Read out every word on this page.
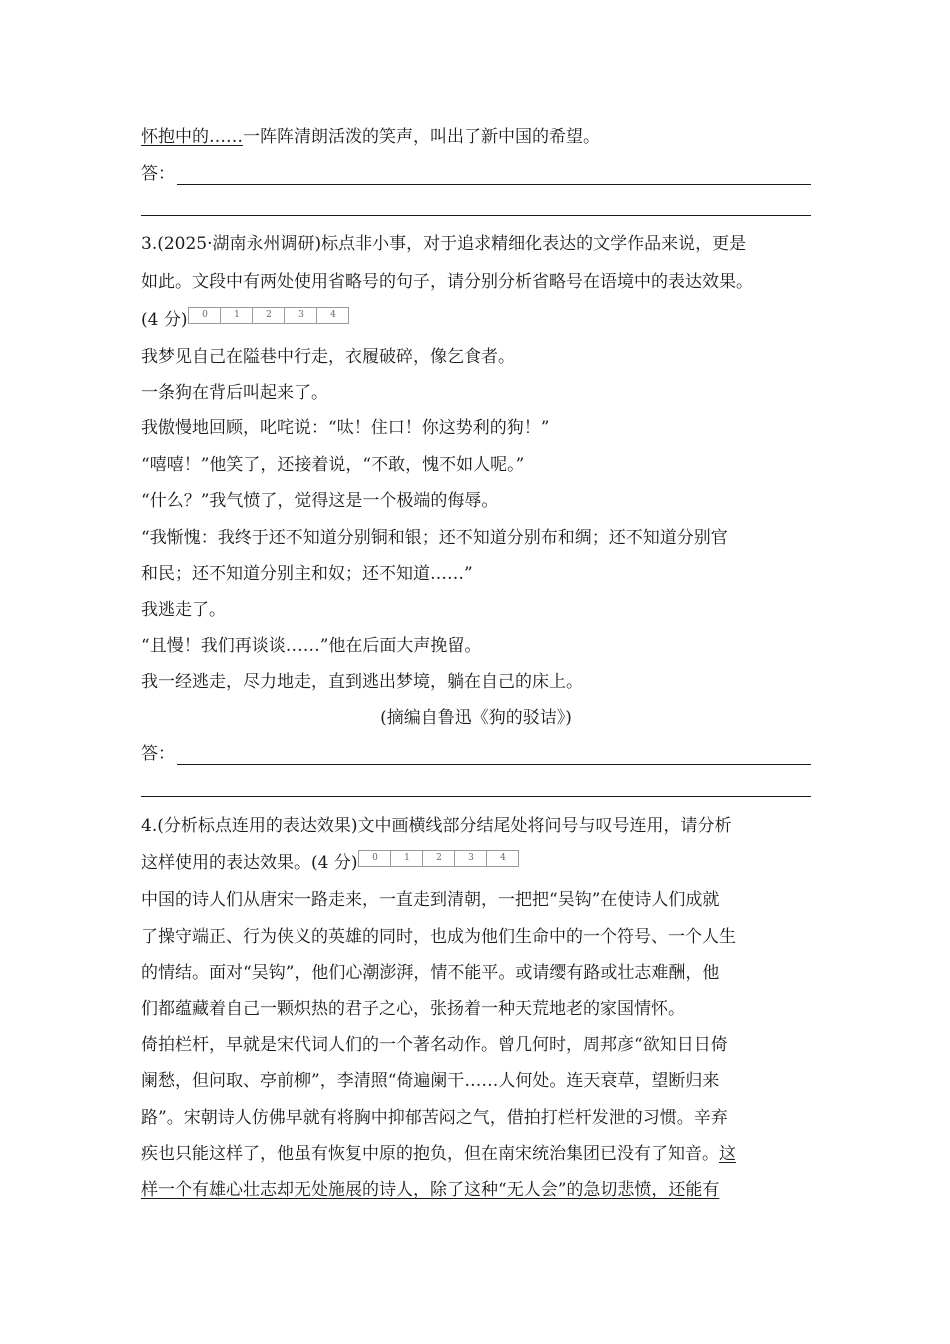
怀抱中的……一阵阵清朗活泼的笑声，叫出了新中国的希望。

答：

3.(2025·湖南永州调研)标点非小事，对于追求精细化表达的文学作品来说，更是

如此。文段中有两处使用省略号的句子，请分别分析省略号在语境中的表达效果。

(4 分)	0	1	2	3	4

我梦见自己在隘巷中行走，衣履破碎，像乞食者。

一条狗在背后叫起来了。

我傲慢地回顾，叱咤说：“呔！住口！你这势利的狗！”

“嘻嘻！”他笑了，还接着说，“不敢，愧不如人呢。”

“什么？”我气愤了，觉得这是一个极端的侮辱。

“我惭愧：我终于还不知道分别铜和银；还不知道分别布和绸；还不知道分别官

和民；还不知道分别主和奴；还不知道……”

我逃走了。

“且慢！我们再谈谈……”他在后面大声挽留。

我一经逃走，尽力地走，直到逃出梦境，躺在自己的床上。

(摘编自鲁迅《狗的驳诘》)

答：

4.(分析标点连用的表达效果)文中画横线部分结尾处将问号与叹号连用，请分析

这样使用的表达效果。(4 分)	0	1	2	3	4

中国的诗人们从唐宋一路走来，一直走到清朝，一把把“吴钩”在使诗人们成就

了操守端正、行为侠义的英雄的同时，也成为他们生命中的一个符号、一个人生

的情结。面对“吴钩”，他们心潮澎湃，情不能平。或请缨有路或壮志难酬，他

们都蕴藏着自己一颗炽热的君子之心，张扬着一种天荒地老的家国情怀。

倚拍栏杆，早就是宋代词人们的一个著名动作。曾几何时，周邦彦“欲知日日倚

阑愁，但问取、亭前柳”，李清照“倚遍阑干……人何处。连天衰草，望断归来

路”。宋朝诗人仿佛早就有将胸中抑郁苦闷之气，借拍打栏杆发泄的习惯。辛弃

疾也只能这样了，他虽有恢复中原的抱负，但在南宋统治集团已没有了知音。这

样一个有雄心壮志却无处施展的诗人，除了这种“无人会”的急切悲愤，还能有
